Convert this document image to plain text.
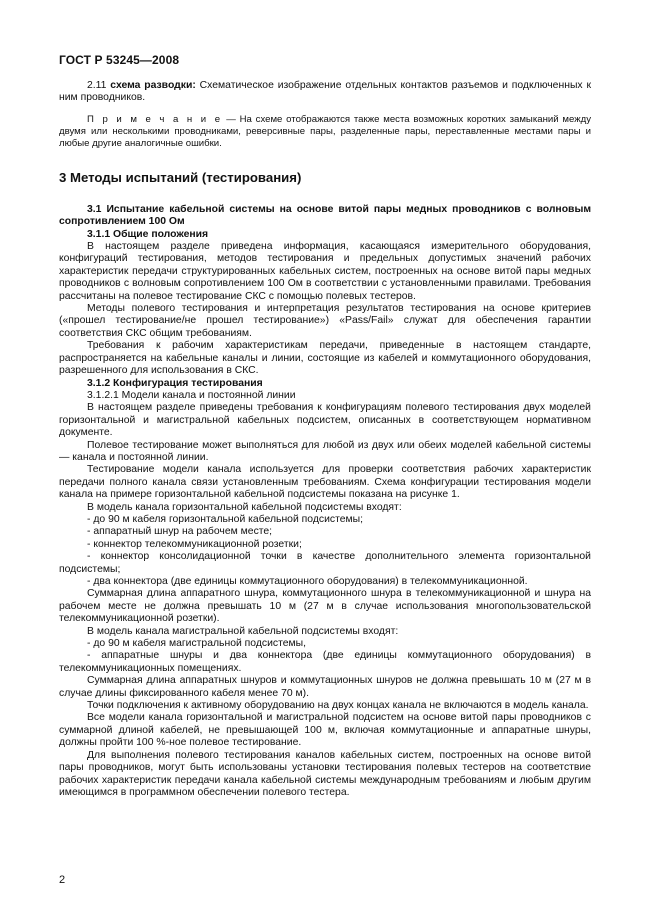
ГОСТ Р 53245—2008

2.11 схема разводки: Схематическое изображение отдельных контактов разъемов и подключенных к ним проводников.

П р и м е ч а н и е — На схеме отображаются также места возможных коротких замыканий между двумя или несколькими проводниками, реверсивные пары, разделенные пары, переставленные местами пары и любые другие аналогичные ошибки.

3 Методы испытаний (тестирования)

3.1 Испытание кабельной системы на основе витой пары медных проводников с волновым сопротивлением 100 Ом

3.1.1 Общие положения

В настоящем разделе приведена информация, касающаяся измерительного оборудования, конфигураций тестирования, методов тестирования и предельных допустимых значений рабочих характеристик передачи структурированных кабельных систем, построенных на основе витой пары медных проводников с волновым сопротивлением 100 Ом в соответствии с установленными правилами. Требования рассчитаны на полевое тестирование СКС с помощью полевых тестеров.

Методы полевого тестирования и интерпретация результатов тестирования на основе критериев («прошел тестирование/не прошел тестирование») «Pass/Fail» служат для обеспечения гарантии соответствия СКС общим требованиям.

Требования к рабочим характеристикам передачи, приведенные в настоящем стандарте, распространяется на кабельные каналы и линии, состоящие из кабелей и коммутационного оборудования, разрешенного для использования в СКС.

3.1.2 Конфигурация тестирования

3.1.2.1 Модели канала и постоянной линии

В настоящем разделе приведены требования к конфигурациям полевого тестирования двух моделей горизонтальной и магистральной кабельных подсистем, описанных в соответствующем нормативном документе.

Полевое тестирование может выполняться для любой из двух или обеих моделей кабельной системы — канала и постоянной линии.

Тестирование модели канала используется для проверки соответствия рабочих характеристик передачи полного канала связи установленным требованиям. Схема конфигурации тестирования модели канала на примере горизонтальной кабельной подсистемы показана на рисунке 1.

В модель канала горизонтальной кабельной подсистемы входят:

- до 90 м кабеля горизонтальной кабельной подсистемы;

- аппаратный шнур на рабочем месте;

- коннектор телекоммуникационной розетки;

- коннектор консолидационной точки в качестве дополнительного элемента горизонтальной подсистемы;

- два коннектора (две единицы коммутационного оборудования) в телекоммуникационной.

Суммарная длина аппаратного шнура, коммутационного шнура в телекоммуникационной и шнура на рабочем месте не должна превышать 10 м (27 м в случае использования многопользовательской телекоммуникационной розетки).

В модель канала магистральной кабельной подсистемы входят:

- до 90 м кабеля магистральной подсистемы,

- аппаратные шнуры и два коннектора (две единицы коммутационного оборудования) в телекоммуникационных помещениях.

Суммарная длина аппаратных шнуров и коммутационных шнуров не должна превышать 10 м (27 м в случае длины фиксированного кабеля менее 70 м).

Точки подключения к активному оборудованию на двух концах канала не включаются в модель канала.

Все модели канала горизонтальной и магистральной подсистем на основе витой пары проводников с суммарной длиной кабелей, не превышающей 100 м, включая коммутационные и аппаратные шнуры, должны пройти 100 %-ное полевое тестирование.

Для выполнения полевого тестирования каналов кабельных систем, построенных на основе витой пары проводников, могут быть использованы установки тестирования полевых тестеров на соответствие рабочих характеристик передачи канала кабельной системы международным требованиям и любым другим имеющимся в программном обеспечении полевого тестера.

2
